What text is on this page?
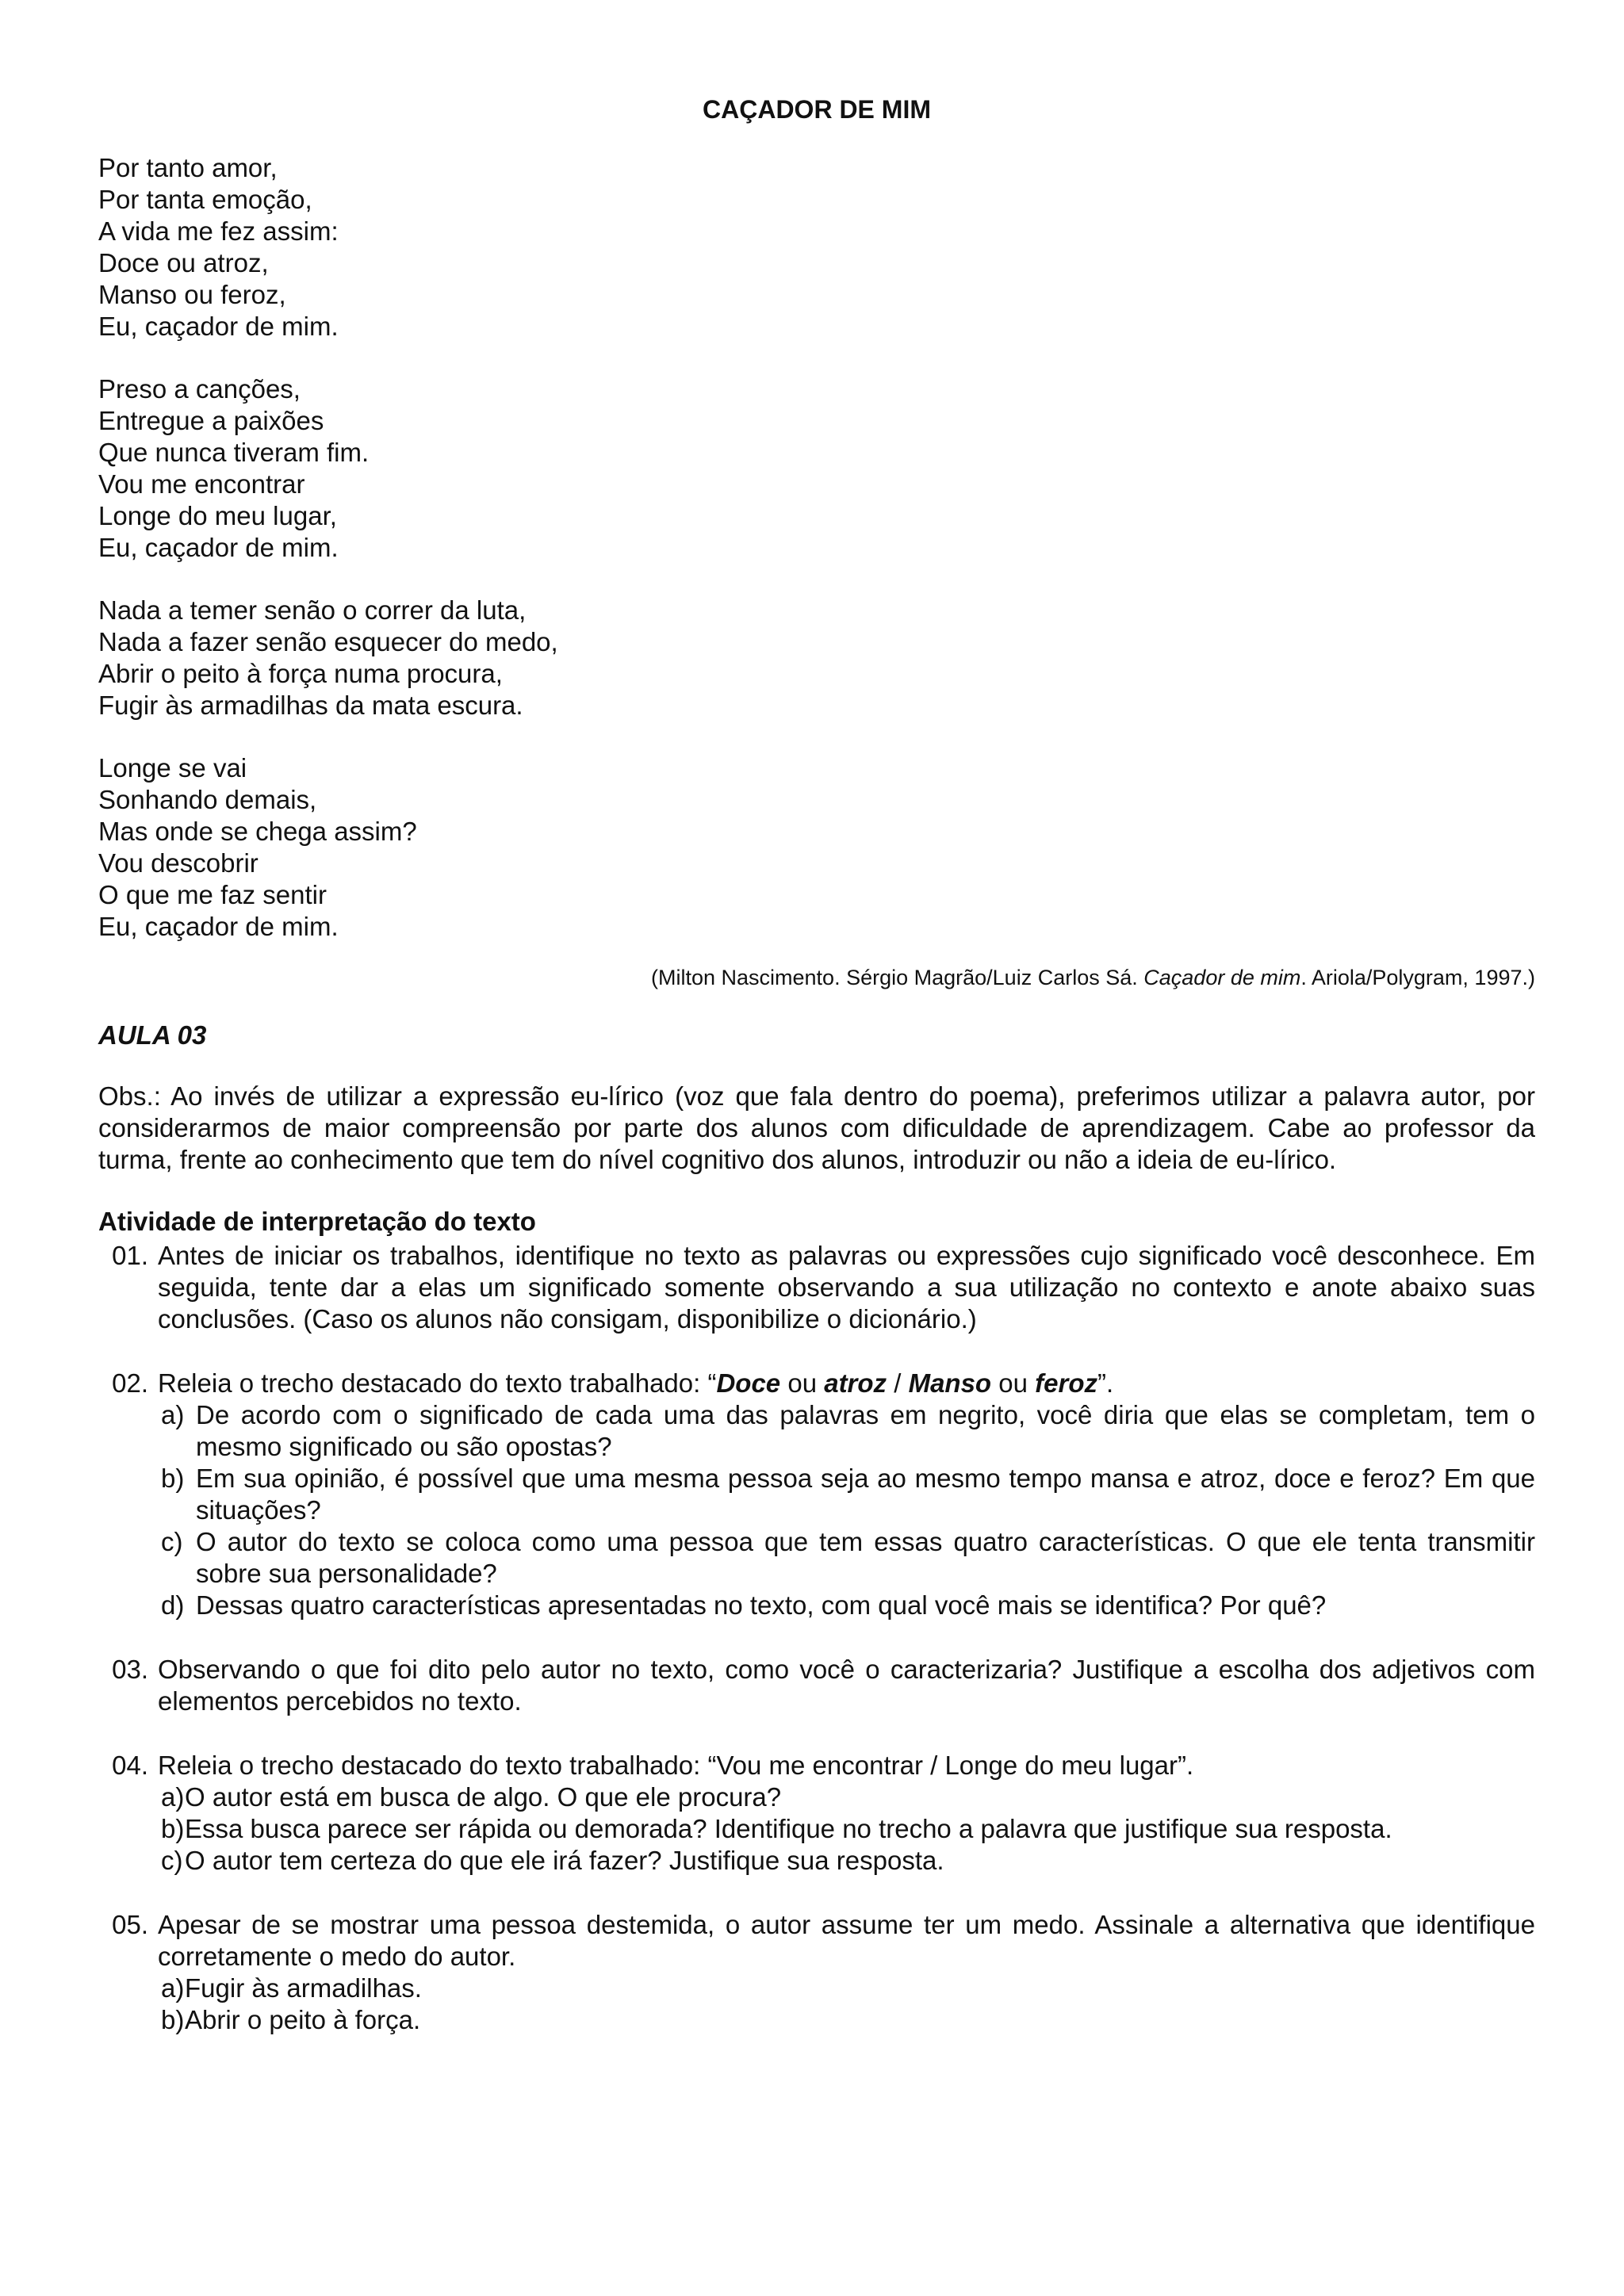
CAÇADOR DE MIM
Por tanto amor,
Por tanta emoção,
A vida me fez assim:
Doce ou atroz,
Manso ou feroz,
Eu, caçador de mim.
Preso a canções,
Entregue a paixões
Que nunca tiveram fim.
Vou me encontrar
Longe do meu lugar,
Eu, caçador de mim.
Nada a temer senão o correr da luta,
Nada a fazer senão esquecer do medo,
Abrir o peito à força numa procura,
Fugir às armadilhas da mata escura.
Longe se vai
Sonhando demais,
Mas onde se chega assim?
Vou descobrir
O que me faz sentir
Eu, caçador de mim.
(Milton Nascimento. Sérgio Magrão/Luiz Carlos Sá. Caçador de mim. Ariola/Polygram, 1997.)
AULA 03
Obs.: Ao invés de utilizar a expressão eu-lírico (voz que fala dentro do poema), preferimos utilizar a palavra autor, por considerarmos de maior compreensão por parte dos alunos com dificuldade de aprendizagem. Cabe ao professor da turma, frente ao conhecimento que tem do nível cognitivo dos alunos, introduzir ou não a ideia de eu-lírico.
Atividade de interpretação do texto
01. Antes de iniciar os trabalhos, identifique no texto as palavras ou expressões cujo significado você desconhece. Em seguida, tente dar a elas um significado somente observando a sua utilização no contexto e anote abaixo suas conclusões. (Caso os alunos não consigam, disponibilize o dicionário.)
02. Releia o trecho destacado do texto trabalhado: “Doce ou atroz / Manso ou feroz”.
a) De acordo com o significado de cada uma das palavras em negrito, você diria que elas se completam, tem o mesmo significado ou são opostas?
b) Em sua opinião, é possível que uma mesma pessoa seja ao mesmo tempo mansa e atroz, doce e feroz? Em que situações?
c) O autor do texto se coloca como uma pessoa que tem essas quatro características. O que ele tenta transmitir sobre sua personalidade?
d) Dessas quatro características apresentadas no texto, com qual você mais se identifica? Por quê?
03. Observando o que foi dito pelo autor no texto, como você o caracterizaria? Justifique a escolha dos adjetivos com elementos percebidos no texto.
04. Releia o trecho destacado do texto trabalhado: “Vou me encontrar / Longe do meu lugar”.
a) O autor está em busca de algo. O que ele procura?
b) Essa busca parece ser rápida ou demorada? Identifique no trecho a palavra que justifique sua resposta.
c) O autor tem certeza do que ele irá fazer? Justifique sua resposta.
05. Apesar de se mostrar uma pessoa destemida, o autor assume ter um medo. Assinale a alternativa que identifique corretamente o medo do autor.
a) Fugir às armadilhas.
b) Abrir o peito à força.
